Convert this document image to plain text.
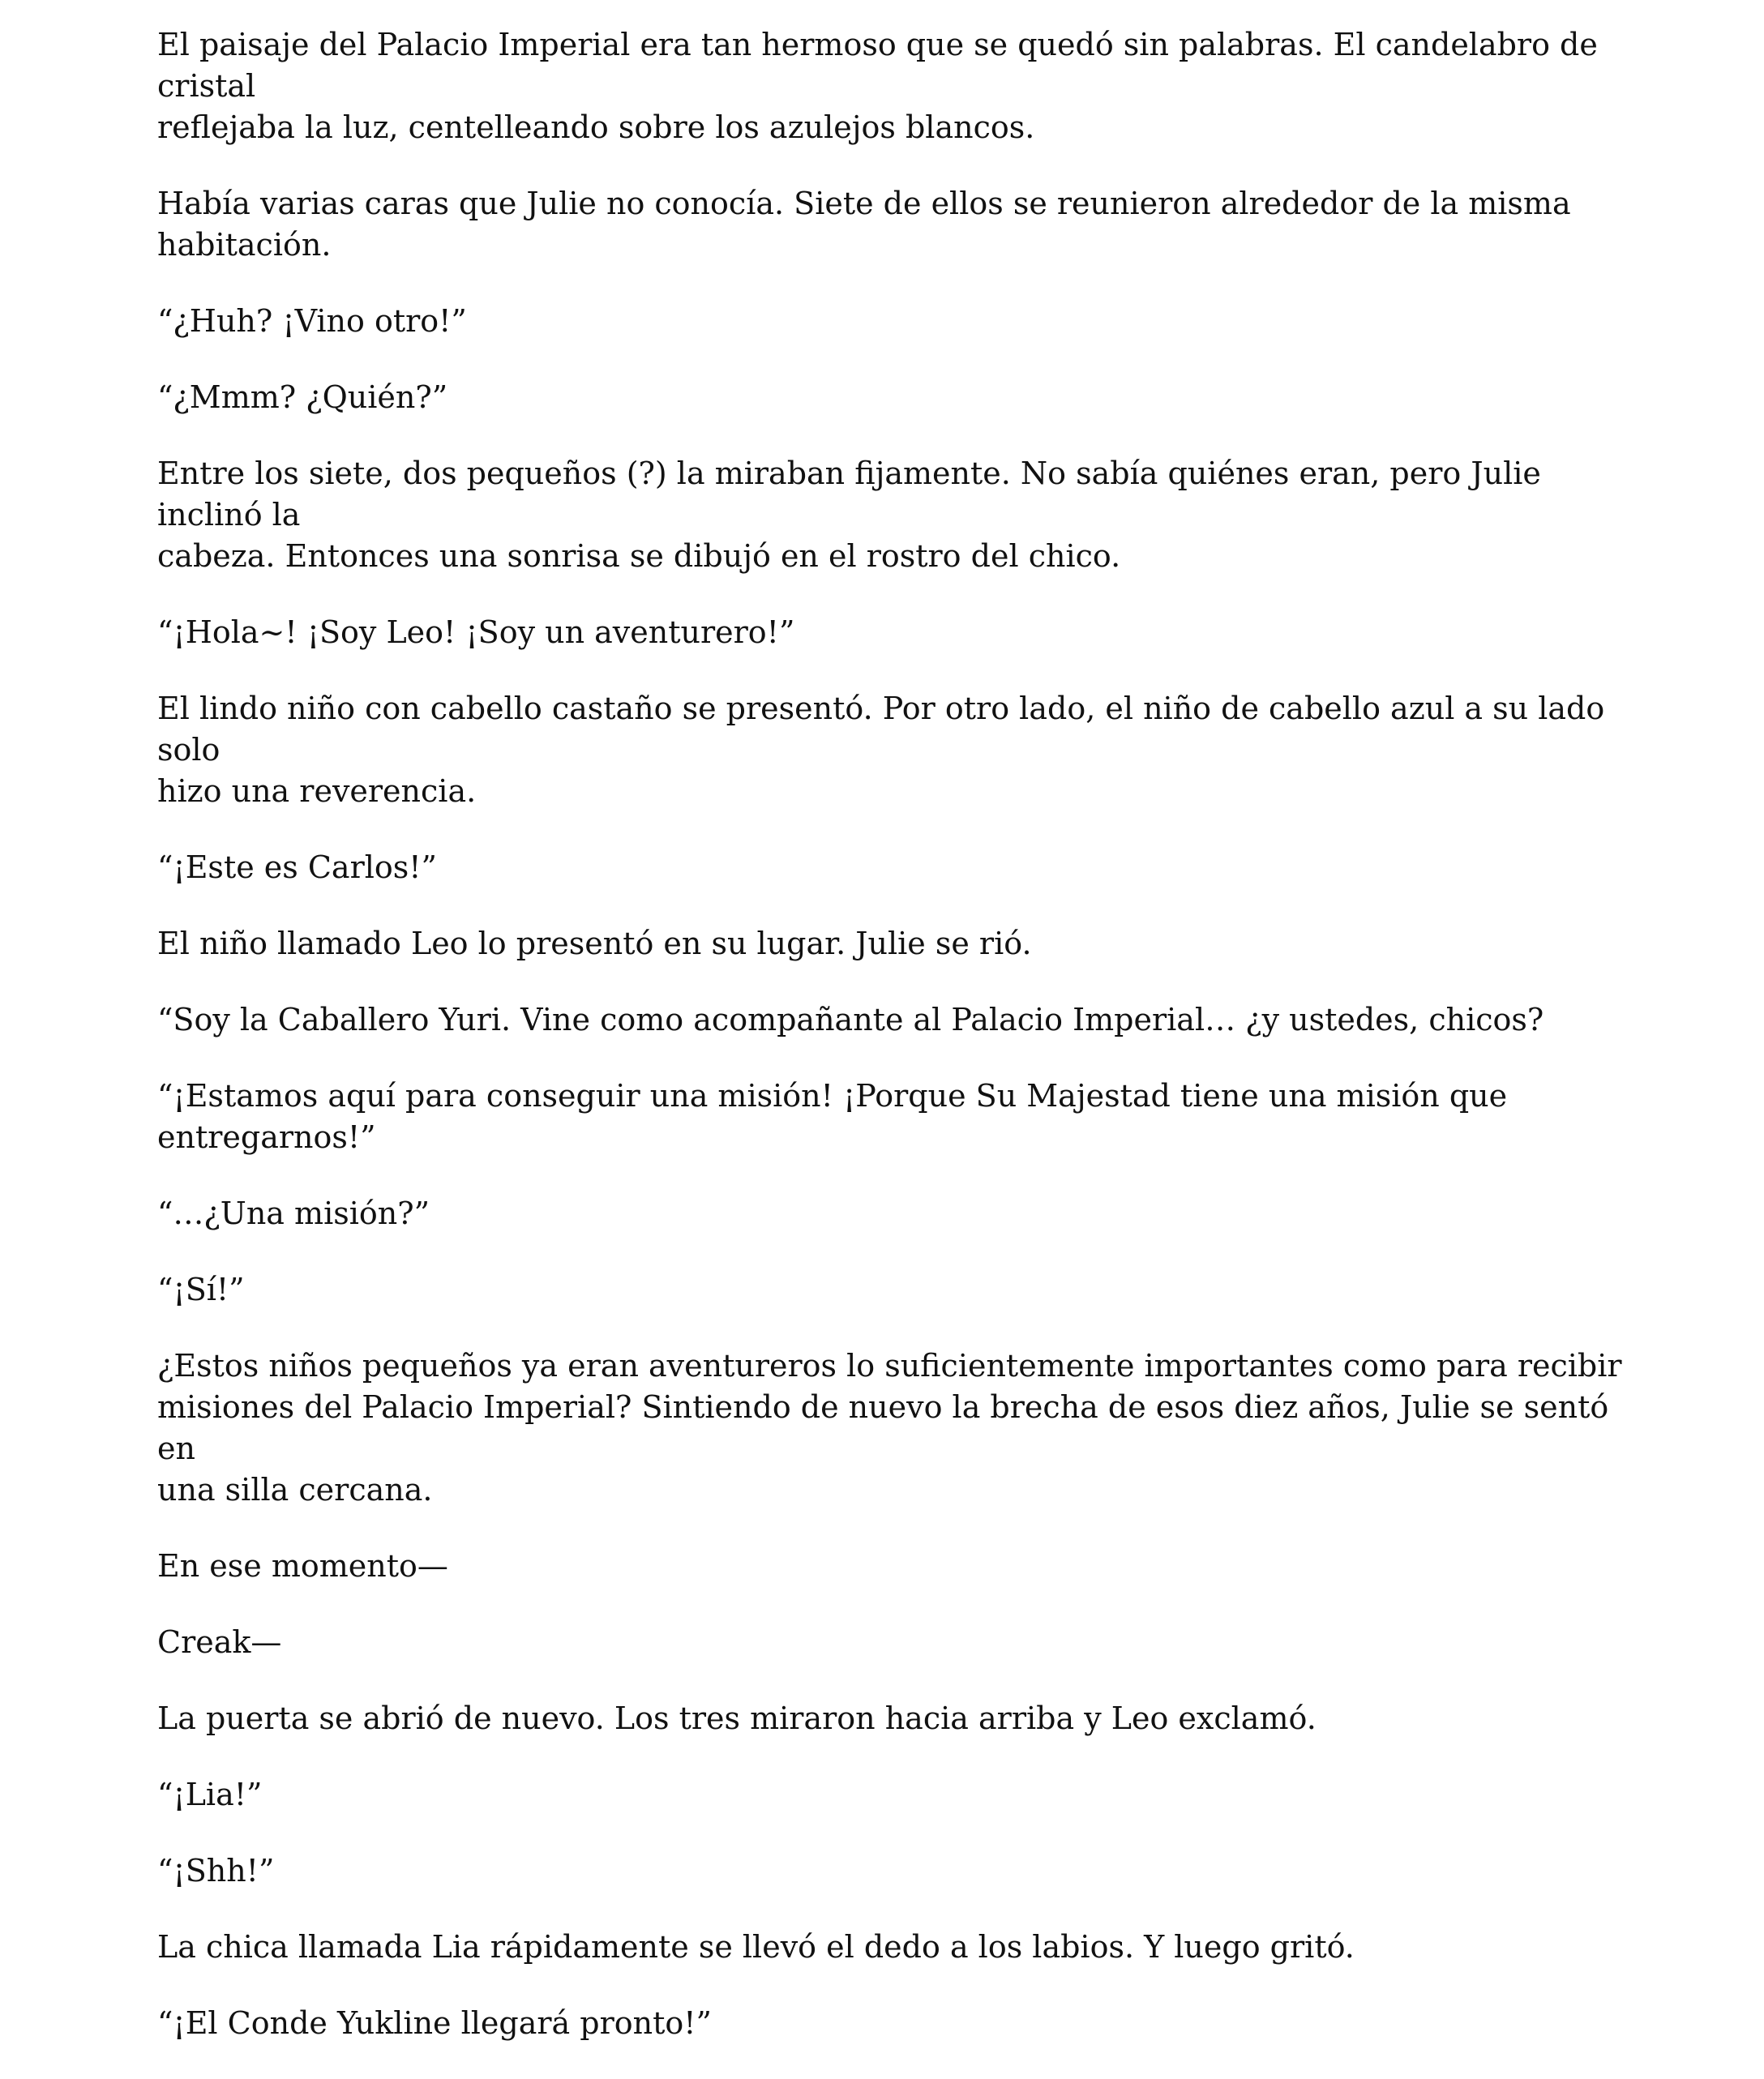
El paisaje del Palacio Imperial era tan hermoso que se quedó sin palabras. El candelabro de cristal
reflejaba la luz, centelleando sobre los azulejos blancos.

Había varias caras que Julie no conocía. Siete de ellos se reunieron alrededor de la misma
habitación.

“¿Huh? ¡Vino otro!”

“¿Mmm? ¿Quién?”

Entre los siete, dos pequeños (?) la miraban fijamente. No sabía quiénes eran, pero Julie inclinó la
cabeza. Entonces una sonrisa se dibujó en el rostro del chico.

“¡Hola~! ¡Soy Leo! ¡Soy un aventurero!”

El lindo niño con cabello castaño se presentó. Por otro lado, el niño de cabello azul a su lado solo
hizo una reverencia.

“¡Este es Carlos!”

El niño llamado Leo lo presentó en su lugar. Julie se rió.

“Soy la Caballero Yuri. Vine como acompañante al Palacio Imperial… ¿y ustedes, chicos?

“¡Estamos aquí para conseguir una misión! ¡Porque Su Majestad tiene una misión que
entregarnos!”

“…¿Una misión?”

“¡Sí!”

¿Estos niños pequeños ya eran aventureros lo suficientemente importantes como para recibir
misiones del Palacio Imperial? Sintiendo de nuevo la brecha de esos diez años, Julie se sentó en
una silla cercana.

En ese momento—

Creak—

La puerta se abrió de nuevo. Los tres miraron hacia arriba y Leo exclamó.

“¡Lia!”

“¡Shh!”

La chica llamada Lia rápidamente se llevó el dedo a los labios. Y luego gritó.

“¡El Conde Yukline llegará pronto!”
